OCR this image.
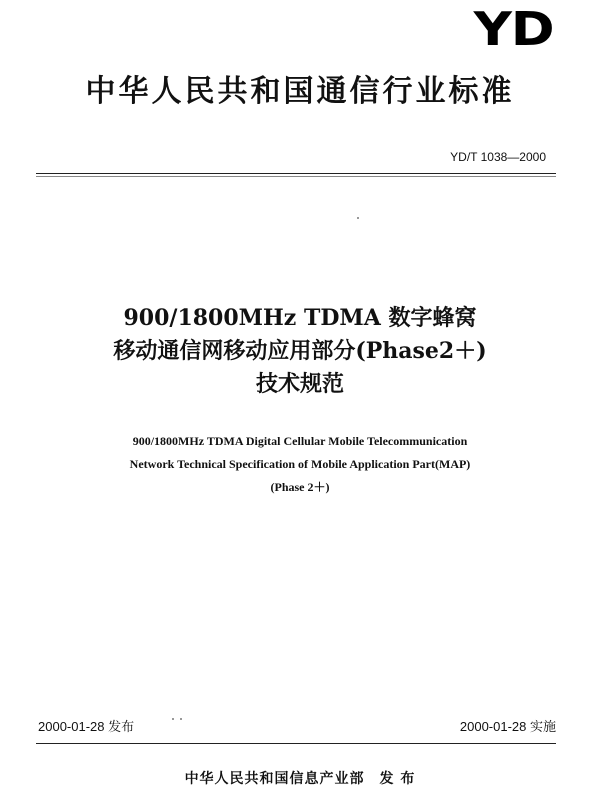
YD
中华人民共和国通信行业标准
YD/T 1038—2000
900/1800MHz TDMA 数字蜂窝
移动通信网移动应用部分(Phase2＋)
技术规范
900/1800MHz TDMA Digital Cellular Mobile Telecommunication
Network Technical Specification of Mobile Application Part(MAP)
(Phase 2＋)
2000-01-28 发布	2000-01-28 实施
中华人民共和国信息产业部　发 布
